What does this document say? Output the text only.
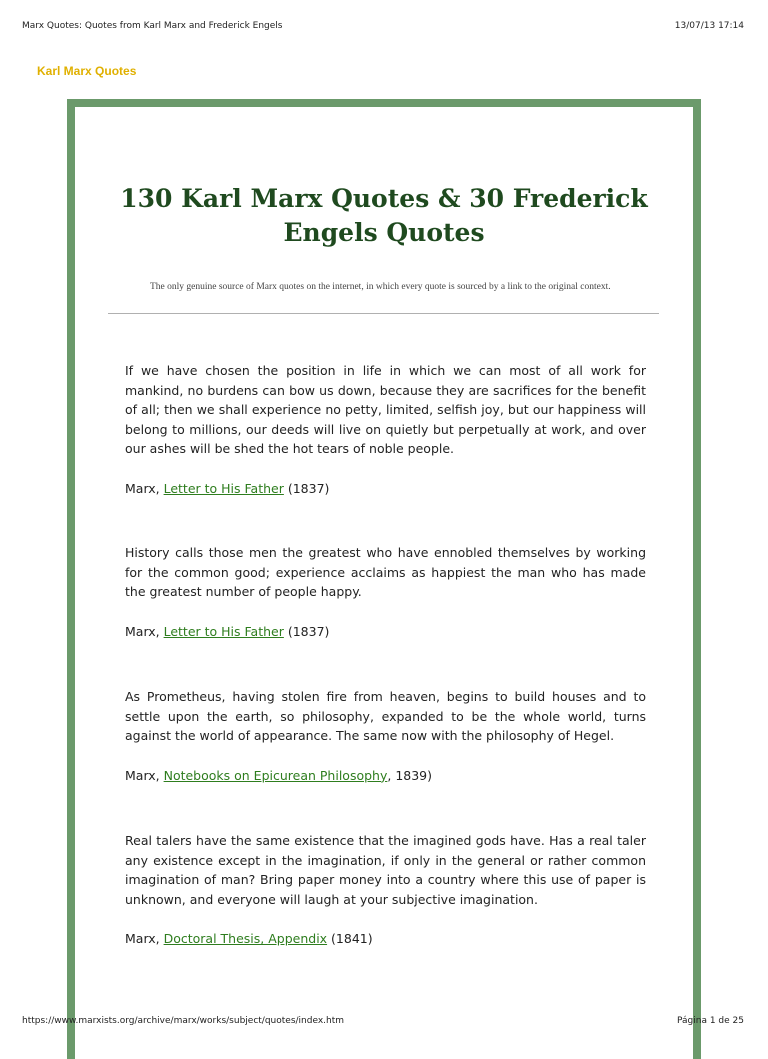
Marx Quotes: Quotes from Karl Marx and Frederick Engels	13/07/13 17:14
Karl Marx Quotes
130 Karl Marx Quotes & 30 Frederick Engels Quotes
The only genuine source of Marx quotes on the internet, in which every quote is sourced by a link to the original context.

If we have chosen the position in life in which we can most of all work for mankind, no burdens can bow us down, because they are sacrifices for the benefit of all; then we shall experience no petty, limited, selfish joy, but our happiness will belong to millions, our deeds will live on quietly but perpetually at work, and over our ashes will be shed the hot tears of noble people.

Marx, Letter to His Father (1837)

History calls those men the greatest who have ennobled themselves by working for the common good; experience acclaims as happiest the man who has made the greatest number of people happy.

Marx, Letter to His Father (1837)

As Prometheus, having stolen fire from heaven, begins to build houses and to settle upon the earth, so philosophy, expanded to be the whole world, turns against the world of appearance. The same now with the philosophy of Hegel.

Marx, Notebooks on Epicurean Philosophy, 1839)

Real talers have the same existence that the imagined gods have. Has a real taler any existence except in the imagination, if only in the general or rather common imagination of man? Bring paper money into a country where this use of paper is unknown, and everyone will laugh at your subjective imagination.

Marx, Doctoral Thesis, Appendix (1841)

https://www.marxists.org/archive/marx/works/subject/quotes/index.htm	Página 1 de 25
